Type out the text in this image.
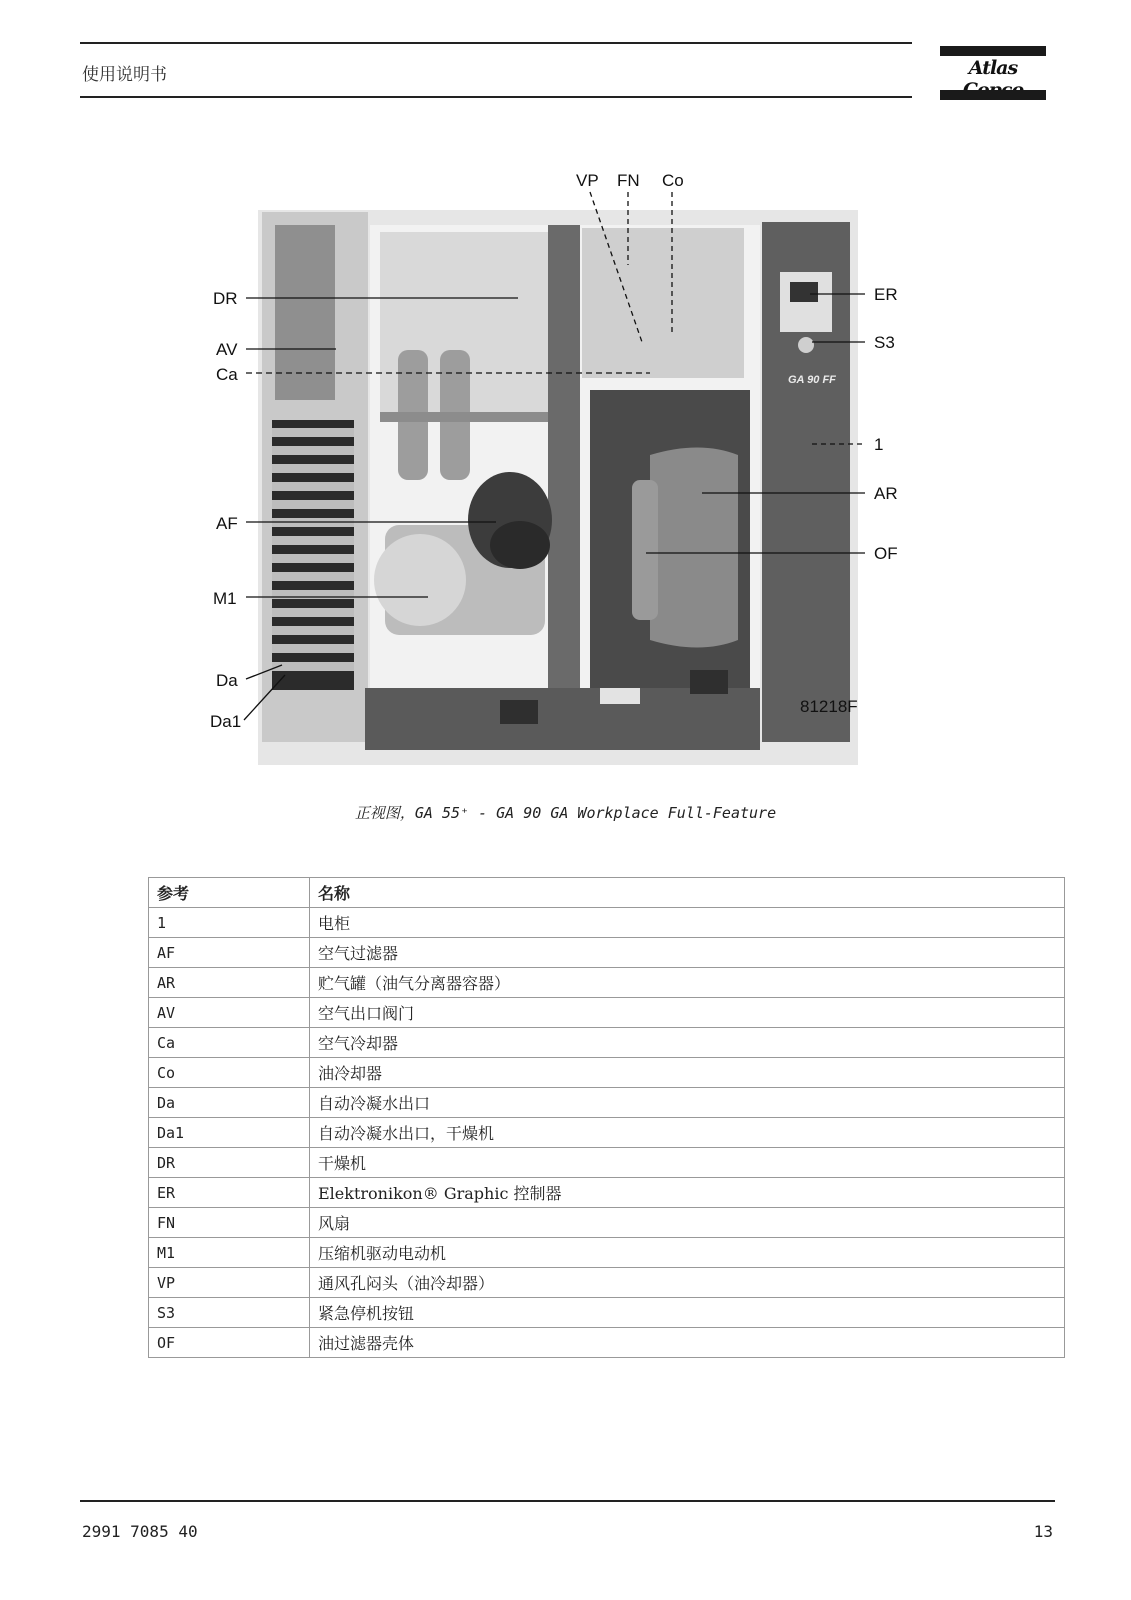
使用说明书	Atlas
GA 90 FF
81218F
VP FN Co
DR
AV
Ca
AF
M1
Da
Da1
ER
S3
1
AR
OF
正视图，GA 55⁺ - GA 90 GA Workplace Full-Feature
参考	名称
1	电柜
AF	空气过滤器
AR	贮气罐（油气分离器容器）
AV	空气出口阀门
Ca	空气冷却器
Co	油冷却器
Da	自动冷凝水出口
Da1	自动冷凝水出口，干燥机
DR	干燥机
ER	Elektronikon® Graphic 控制器
FN	风扇
M1	压缩机驱动电动机
VP	通风孔闷头（油冷却器）
S3	紧急停机按钮
OF	油过滤器壳体
2991 7085 40	13
